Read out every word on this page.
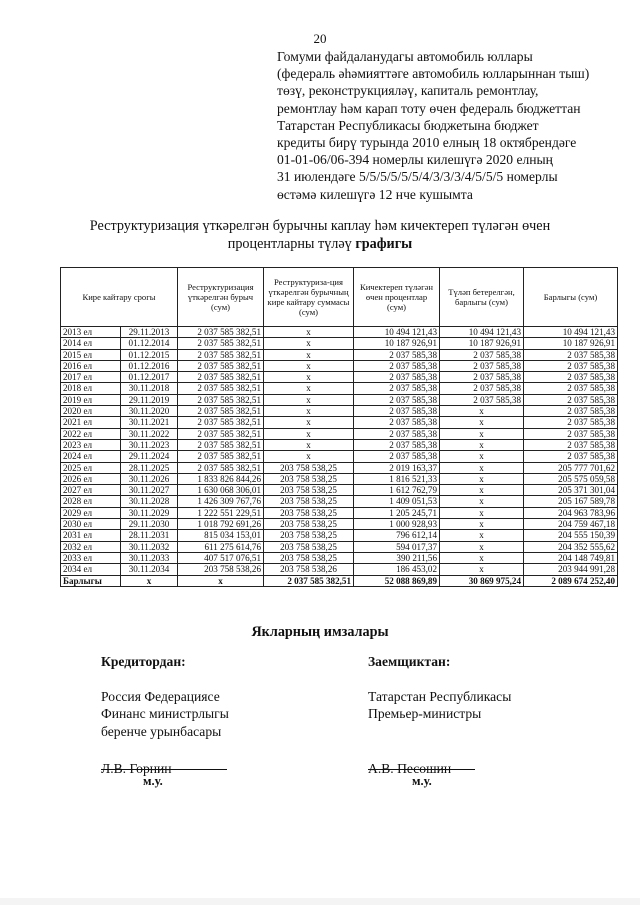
20
Гомуми файдаланудагы автомобиль юллары
(федераль әһәмияттәге автомобиль юлларыннан тыш)
төзү, реконструкцияләү, капиталь ремонтлау,
ремонтлау һәм карап тоту өчен федераль бюджеттан
Татарстан Республикасы бюджетына бюджет
кредиты бирү турында 2010 елның 18 октябрендәге
01-01-06/06-394 номерлы килешүгә 2020 елның
31 июлендәге 5/5/5/5/5/5/4/3/3/3/4/5/5/5 номерлы
өстәмә килешүгә 12 нче кушымта
Реструктуризация үткәрелгән бурычны каплау һәм кичектереп түләгән өчен
процентларны түләү графигы
Кире кайтару срогы		Реструктуризация үткәрелгән бурыч (сум)	Реструктуриза-ция үткәрелгән бурычның кире кайтару суммасы (сум)	Кичектереп түләгән өчен процентлар (сум)	Түләп бетерелгән, барлыгы (сум)	Барлыгы (сум)
2013 ел	29.11.2013	2 037 585 382,51	х	10 494 121,43	10 494 121,43	10 494 121,43
2014 ел	01.12.2014	2 037 585 382,51	х	10 187 926,91	10 187 926,91	10 187 926,91
2015 ел	01.12.2015	2 037 585 382,51	х	2 037 585,38	2 037 585,38	2 037 585,38
2016 ел	01.12.2016	2 037 585 382,51	х	2 037 585,38	2 037 585,38	2 037 585,38
2017 ел	01.12.2017	2 037 585 382,51	х	2 037 585,38	2 037 585,38	2 037 585,38
2018 ел	30.11.2018	2 037 585 382,51	х	2 037 585,38	2 037 585,38	2 037 585,38
2019 ел	29.11.2019	2 037 585 382,51	х	2 037 585,38	2 037 585,38	2 037 585,38
2020 ел	30.11.2020	2 037 585 382,51	х	2 037 585,38	х	2 037 585,38
2021 ел	30.11.2021	2 037 585 382,51	х	2 037 585,38	х	2 037 585,38
2022 ел	30.11.2022	2 037 585 382,51	х	2 037 585,38	х	2 037 585,38
2023 ел	30.11.2023	2 037 585 382,51	х	2 037 585,38	х	2 037 585,38
2024 ел	29.11.2024	2 037 585 382,51	х	2 037 585,38	х	2 037 585,38
2025 ел	28.11.2025	2 037 585 382,51	203 758 538,25	2 019 163,37	х	205 777 701,62
2026 ел	30.11.2026	1 833 826 844,26	203 758 538,25	1 816 521,33	х	205 575 059,58
2027 ел	30.11.2027	1 630 068 306,01	203 758 538,25	1 612 762,79	х	205 371 301,04
2028 ел	30.11.2028	1 426 309 767,76	203 758 538,25	1 409 051,53	х	205 167 589,78
2029 ел	30.11.2029	1 222 551 229,51	203 758 538,25	1 205 245,71	х	204 963 783,96
2030 ел	29.11.2030	1 018 792 691,26	203 758 538,25	1 000 928,93	х	204 759 467,18
2031 ел	28.11.2031	815 034 153,01	203 758 538,25	796 612,14	х	204 555 150,39
2032 ел	30.11.2032	611 275 614,76	203 758 538,25	594 017,37	х	204 352 555,62
2033 ел	30.11.2033	407 517 076,51	203 758 538,25	390 211,56	х	204 148 749,81
2034 ел	30.11.2034	203 758 538,26	203 758 538,26	186 453,02	х	203 944 991,28
Барлыгы	х	х	2 037 585 382,51	52 088 869,89	30 869 975,24	2 089 674 252,40
Якларның имзалары
Кредитордан:
Россия Федерациясе
Финанс министрлыгы
беренче урынбасары
Л.В. Горнин
Заемщиктан:
Татарстан Республикасы
Премьер-министры
А.В. Песошин
м.у.	м.у.
